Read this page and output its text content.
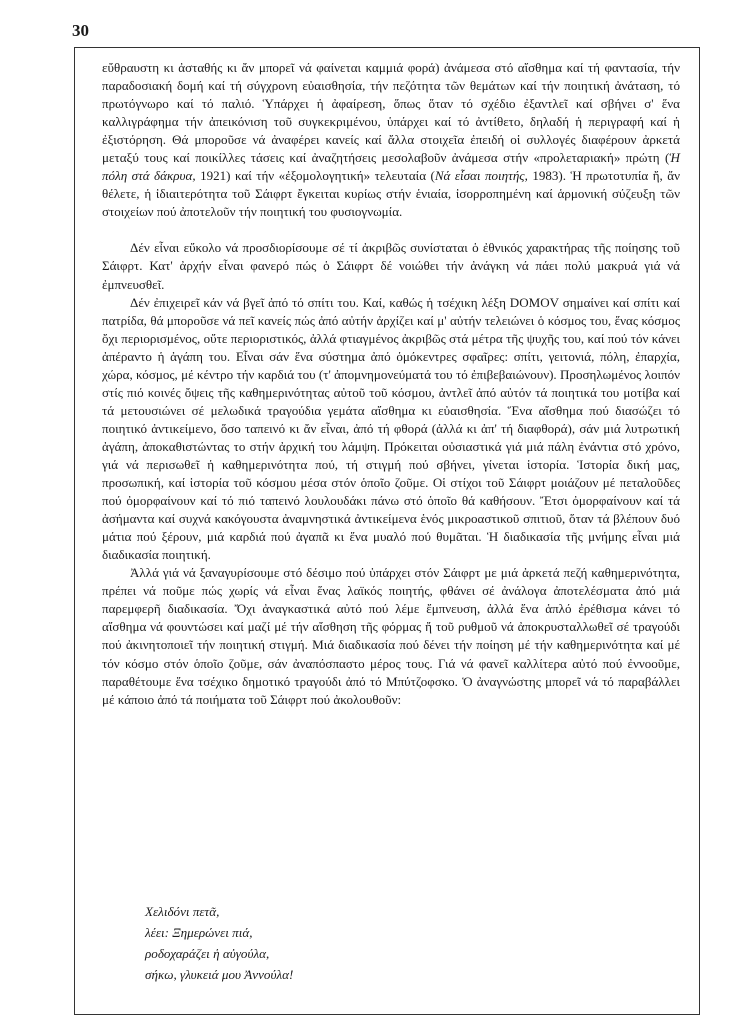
30

εὔθραυστη κι ἀσταθής κι ἄν μπορεῖ νά φαίνεται καμμιά φορά) ἀνάμεσα στό αἴσθημα καί τή φαντασία, τήν παραδοσιακή δομή καί τή σύγχρονη εὐαισθησία, τήν πεζότητα τῶν θεμάτων καί τήν ποιητική ἀνάταση, τό πρωτόγνωρο καί τό παλιό. Ὑπάρχει ἡ ἀφαίρεση, ὅπως ὅταν τό σχέδιο ἐξαντλεῖ καί σβήνει σ' ἕνα καλλιγράφημα τήν ἀπεικόνιση τοῦ συγκεκριμένου, ὑπάρχει καί τό ἀντίθετο, δηλαδή ἡ περιγραφή καί ἡ ἐξιστόρηση. Θά μποροῦσε νά ἀναφέρει κανείς καί ἄλλα στοιχεῖα ἐπειδή οἱ συλλογές διαφέρουν ἀρκετά μεταξύ τους καί ποικίλλες τάσεις καί ἀναζητήσεις μεσολαβοῦν ἀνάμεσα στήν «προλεταριακή» πρώτη (Ἡ πόλη στά δάκρυα, 1921) καί τήν «ἐξομολογητική» τελευταία (Νά εἶσαι ποιητής, 1983). Ἡ πρωτοτυπία ἤ, ἄν θέλετε, ἡ ἰδιαιτερότητα τοῦ Σάιφρτ ἔγκειται κυρίως στήν ἑνιαία, ἰσορροπημένη καί ἁρμονική σύζευξη τῶν στοιχείων πού ἀποτελοῦν τήν ποιητική του φυσιογνωμία.

Δέν εἶναι εὔκολο νά προσδιορίσουμε σέ τί ἀκριβῶς συνίσταται ὁ ἐθνικός χαρακτήρας τῆς ποίησης τοῦ Σάιφρτ. Κατ' ἀρχήν εἶναι φανερό πώς ὁ Σάιφρτ δέ νοιώθει τήν ἀνάγκη νά πάει πολύ μακρυά γιά νά ἐμπνευσθεῖ.

Δέν ἐπιχειρεῖ κάν νά βγεῖ ἀπό τό σπίτι του. Καί, καθώς ἡ τσέχικη λέξη DOMOV σημαίνει καί σπίτι καί πατρίδα, θά μποροῦσε νά πεῖ κανείς πώς ἀπό αὐτήν ἀρχίζει καί μ' αὐτήν τελειώνει ὁ κόσμος του, ἕνας κόσμος ὄχι περιορισμένος, οὔτε περιοριστικός, ἀλλά φτιαγμένος ἀκριβῶς στά μέτρα τῆς ψυχῆς του, καί πού τόν κάνει ἀπέραντο ἡ ἀγάπη του. Εἶναι σάν ἕνα σύστημα ἀπό ὁμόκεντρες σφαῖρες: σπίτι, γειτονιά, πόλη, ἐπαρχία, χώρα, κόσμος, μέ κέντρο τήν καρδιά του (τ' ἀπομνημονεύματά του τό ἐπιβεβαιώνουν). Προσηλωμένος λοιπόν στίς πιό κοινές ὄψεις τῆς καθημερινότητας αὐτοῦ τοῦ κόσμου, ἀντλεῖ ἀπό αὐτόν τά ποιητικά του μοτίβα καί τά μετουσιώνει σέ μελωδικά τραγούδια γεμάτα αἴσθημα κι εὐαισθησία. Ἕνα αἴσθημα πού διασώζει τό ποιητικό ἀντικείμενο, ὅσο ταπεινό κι ἄν εἶναι, ἀπό τή φθορά (ἀλλά κι ἀπ' τή διαφθορά), σάν μιά λυτρωτική ἀγάπη, ἀποκαθιστώντας το στήν ἀρχική του λάμψη. Πρόκειται οὐσιαστικά γιά μιά πάλη ἐνάντια στό χρόνο, γιά νά περισωθεῖ ἡ καθημερινότητα πού, τή στιγμή πού σβήνει, γίνεται ἱστορία. Ἱστορία δική μας, προσωπική, καί ἱστορία τοῦ κόσμου μέσα στόν ὁποῖο ζοῦμε. Οἱ στίχοι τοῦ Σάιφρτ μοιάζουν μέ πεταλοῦδες πού ὀμορφαίνουν καί τό πιό ταπεινό λουλουδάκι πάνω στό ὁποῖο θά καθήσουν. Ἔτσι ὀμορφαίνουν καί τά ἀσήμαντα καί συχνά κακόγουστα ἀναμνηστικά ἀντικείμενα ἑνός μικροαστικοῦ σπιτιοῦ, ὅταν τά βλέπουν δυό μάτια πού ξέρουν, μιά καρδιά πού ἀγαπᾶ κι ἕνα μυαλό πού θυμᾶται. Ἡ διαδικασία τῆς μνήμης εἶναι μιά διαδικασία ποιητική.

Ἀλλά γιά νά ξαναγυρίσουμε στό δέσιμο πού ὑπάρχει στόν Σάιφρτ με μιά ἀρκετά πεζή καθημερινότητα, πρέπει νά ποῦμε πώς χωρίς νά εἶναι ἕνας λαϊκός ποιητής, φθάνει σέ ἀνάλογα ἀποτελέσματα ἀπό μιά παρεμφερῆ διαδικασία. Ὄχι ἀναγκαστικά αὐτό πού λέμε ἔμπνευση, ἀλλά ἕνα ἁπλό ἐρέθισμα κάνει τό αἴσθημα νά φουντώσει καί μαζί μέ τήν αἴσθηση τῆς φόρμας ἤ τοῦ ρυθμοῦ νά ἀποκρυσταλλωθεῖ σέ τραγούδι πού ἀκινητοποιεῖ τήν ποιητική στιγμή. Μιά διαδικασία πού δένει τήν ποίηση μέ τήν καθημερινότητα καί μέ τόν κόσμο στόν ὁποῖο ζοῦμε, σάν ἀναπόσπαστο μέρος τους. Γιά νά φανεῖ καλλίτερα αὐτό πού ἐννοοῦμε, παραθέτουμε ἕνα τσέχικο δημοτικό τραγούδι ἀπό τό Μπύτζοφσκο. Ὁ ἀναγνώστης μπορεῖ νά τό παραβάλλει μέ κάποιο ἀπό τά ποιήματα τοῦ Σάιφρτ πού ἀκολουθοῦν:

Χελιδόνι πετᾶ,
λέει: Ξημερώνει πιά,
ροδοχαράζει ἡ αὐγούλα,
σήκω, γλυκειά μου Ἀννούλα!
